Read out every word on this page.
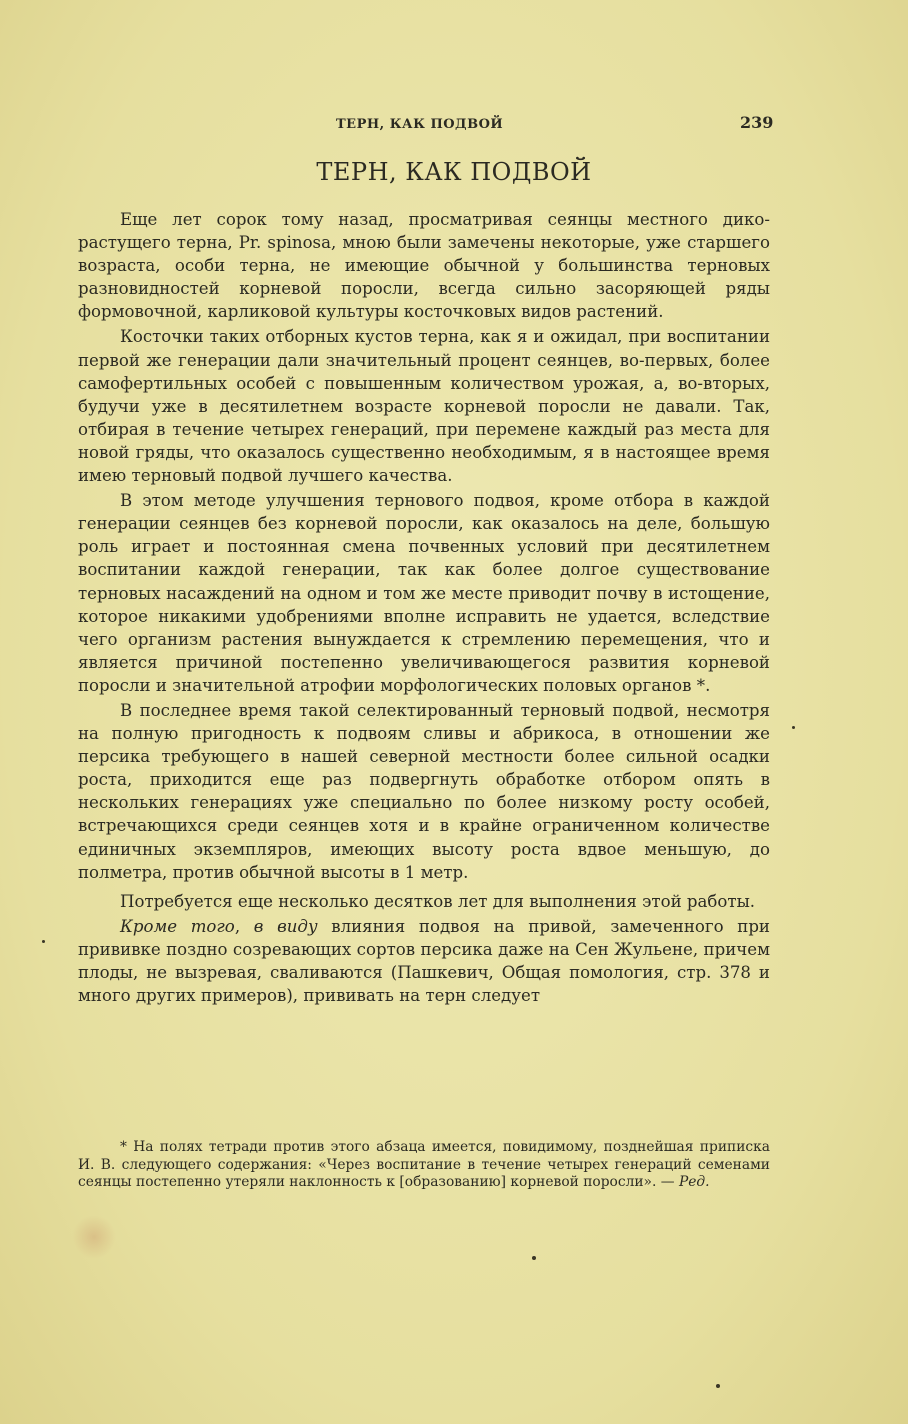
ТЕРН, КАК ПОДВОЙ	239
ТЕРН, КАК ПОДВОЙ

Еще лет сорок тому назад, просматривая сеянцы местного дикорастущего терна, Pr. spinosa, мною были замечены некоторые, уже старшего возраста, особи терна, не имеющие обычной у большинства терновых разновидностей корневой поросли, всегда сильно засоряющей ряды формовочной, карликовой культуры косточковых видов растений.

Косточки таких отборных кустов терна, как я и ожидал, при воспитании первой же генерации дали значительный процент сеянцев, во-первых, более самофертильных особей с повышенным количеством урожая, а, во-вторых, будучи уже в десятилетнем возрасте корневой поросли не давали. Так, отбирая в течение четырех генераций, при перемене каждый раз места для новой гряды, что оказалось существенно необходимым, я в настоящее время имею терновый подвой лучшего качества.

В этом методе улучшения тернового подвоя, кроме отбора в каждой генерации сеянцев без корневой поросли, как оказалось на деле, большую роль играет и постоянная смена почвенных условий при десятилетнем воспитании каждой генерации, так как более долгое существование терновых насаждений на одном и том же месте приводит почву в истощение, которое никакими удобрениями вполне исправить не удается, вследствие чего организм растения вынуждается к стремлению перемещения, что и является причиной постепенно увеличивающегося развития корневой поросли и значительной атрофии морфологических половых органов *.

В последнее время такой селектированный терновый подвой, несмотря на полную пригодность к подвоям сливы и абрикоса, в отношении же персика требующего в нашей северной местности более сильной осадки роста, приходится еще раз подвергнуть обработке отбором опять в нескольких генерациях уже специально по более низкому росту особей, встречающихся среди сеянцев хотя и в крайне ограниченном количестве единичных экземпляров, имеющих высоту роста вдвое меньшую, до полметра, против обычной высоты в 1 метр.

Потребуется еще несколько десятков лет для выполнения этой работы.

Кроме того, в виду влияния подвоя на привой, замеченного при прививке поздно созревающих сортов персика даже на Сен Жульене, причем плоды, не вызревая, сваливаются (Пашкевич, Общая помология, стр. 378 и много других примеров), прививать на терн следует

* На полях тетради против этого абзаца имеется, повидимому, позднейшая приписка И. В. следующего содержания: «Через воспитание в течение четырех генераций семенами сеянцы постепенно утеряли наклонность к [образованию] корневой поросли». — Ред.
